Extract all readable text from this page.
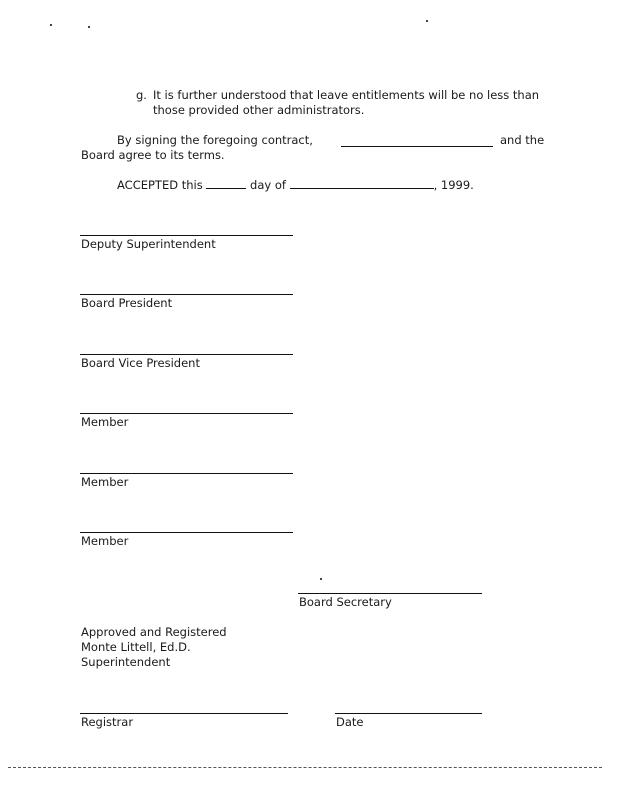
g. It is further understood that leave entitlements will be no less than
those provided other administrators.
By signing the foregoing contract,	and the
Board agree to its terms.
ACCEPTED this	day of	, 1999.
Deputy Superintendent
Board President
Board Vice President
Member
Member
Member
Board Secretary
Approved and Registered
Monte Littell, Ed.D.
Superintendent
Registrar	Date
